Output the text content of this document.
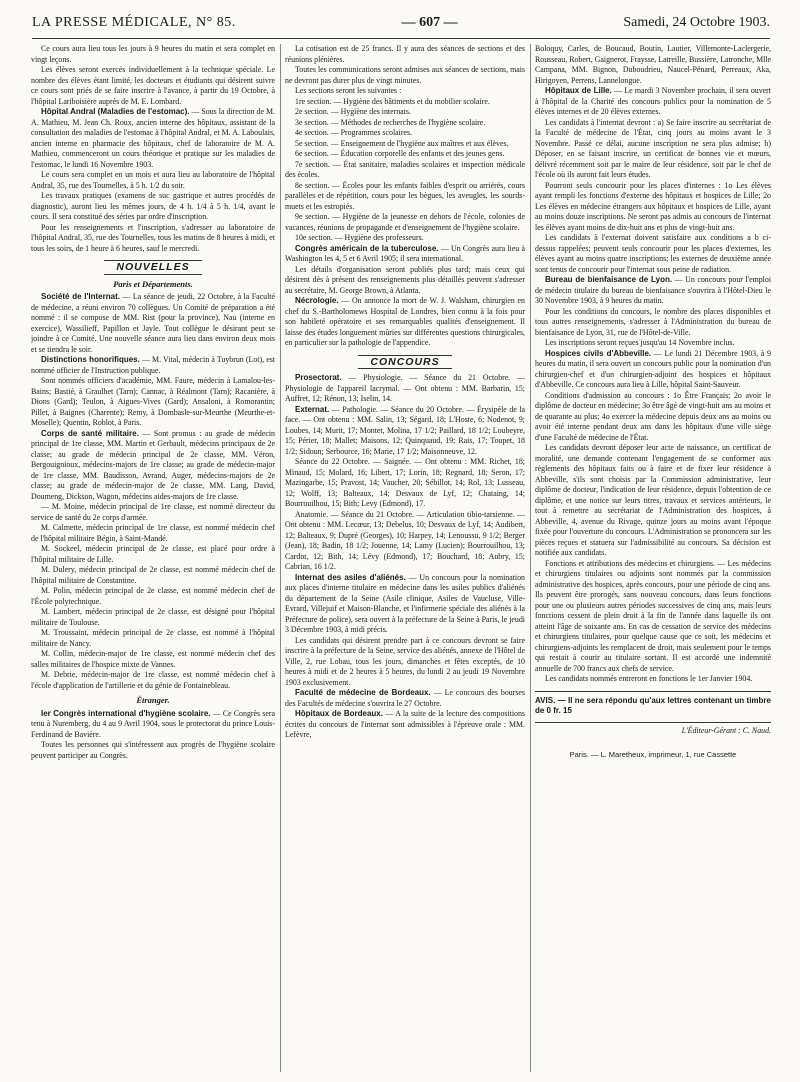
LA PRESSE MÉDICALE, N° 85.	— 607 —	Samedi, 24 Octobre 1903.

Ce cours aura lieu tous les jours à 9 heures du matin et sera complet en vingt leçons.

Les élèves seront exercés individuellement à la technique spéciale. Le nombre des élèves étant limité, les docteurs et étudiants qui désirent suivre ce cours sont priés de se faire inscrire à l'avance, à partir du 19 Octobre, à l'hôpital Lariboisière auprès de M. E. Lombard.

Hôpital Andral (Maladies de l'estomac). — Sous la direction de M. A. Mathieu, M. Jean Ch. Roux, ancien interne des hôpitaux, assistant de la consultation des maladies de l'estomac à l'hôpital Andral, et M. A. Laboulais, ancien interne en pharmacie des hôpitaux, chef de laboratoire de M. A. Mathieu, commenceront un cours théorique et pratique sur les maladies de l'estomac, le lundi 16 Novembre 1903.

Le cours sera complet en un mois et aura lieu au laboratoire de l'hôpital Andral, 35, rue des Tournelles, à 5 h. 1/2 du soir.

Les travaux pratiques (examens de suc gastrique et autres procédés de diagnostic), auront lieu les mêmes jours, de 4 h. 1/4 à 5 h. 1/4, avant le cours. Il sera constitué des séries par ordre d'inscription.

Pour les renseignements et l'inscription, s'adresser au laboratoire de l'hôpital Andral, 35, rue des Tournelles, tous les matins de 8 heures à midi, et tous les soirs, de 1 heure à 6 heures, sauf le mercredi.

NOUVELLES
Paris et Départements.

Société de l'Internat. — La séance de jeudi, 22 Octobre, à la Faculté de médecine, a réuni environ 70 collègues. Un Comité de préparation a été nommé : il se compose de MM. Rist (pour la province), Nau (interne en exercice), Wassilieff, Papillon et Jayle. Tout collègue le désirant peut se joindre à ce Comité. Une nouvelle séance aura lieu dans environ deux mois et se tiendra le soir.

Distinctions honorifiques. — M. Vital, médecin à Tuybrun (Lot), est nommé officier de l'Instruction publique.

Sont nommés officiers d'académie, MM. Faure, médecin à Lamalou-les-Bains; Bastié, à Graulhet (Tarn); Cannac, à Réalmont (Tarn); Racanière, à Dions (Gard); Teulon, à Aigues-Vives (Gard); Ansaloni, à Romorantin; Pillet, à Baignes (Charente); Remy, à Dombasle-sur-Meurthe (Meurthe-et-Moselle); Quentin, Roblot, à Paris.

Corps de santé militaire. — Sont promus : au grade de médecin principal de 1re classe, MM. Martin et Gerbault, médecins principaux de 2e classe; au grade de médecin principal de 2e classe, MM. Véron, Bergouignioux, médecins-majors de 1re classe; au grade de médecin-major de 1re classe, MM. Baudisson, Avrand, Auger, médecins-majors de 2e classe; au grade de médecin-major de 2e classe, MM. Lang, David, Doumeng, Dickson, Wagon, médecins aides-majors de 1re classe.

— M. Moine, médecin principal de 1re classe, est nommé directeur du service de santé du 2e corps d'armée.

M. Calmette, médecin principal de 1re classe, est nommé médecin chef de l'hôpital militaire Bégin, à Saint-Mandé.

M. Sockeel, médecin principal de 2e classe, est placé pour ordre à l'hôpital militaire de Lille.

M. Dulery, médecin principal de 2e classe, est nommé médecin chef de l'hôpital militaire de Constantine.

M. Polin, médecin principal de 2e classe, est nommé médecin chef de l'École polytechnique.

M. Lambert, médecin principal de 2e classe, est désigné pour l'hôpital militaire de Toulouse.

M. Troussaint, médecin principal de 2e classe, est nommé à l'hôpital militaire de Nancy.

M. Collin, médecin-major de 1re classe, est nommé médecin chef des salles militaires de l'hospice mixte de Vannes.

M. Debrie, médecin-major de 1re classe, est nommé médecin chef à l'école d'application de l'artillerie et du génie de Fontainebleau.

Étranger.

Ier Congrès international d'hygiène scolaire. — Ce Congrès sera tenu à Nuremberg, du 4 au 9 Avril 1904, sous le protectorat du prince Louis-Ferdinand de Bavière.

Toutes les personnes qui s'intéressent aux progrès de l'hygiène scolaire peuvent participer au Congrès.

La cotisation est de 25 francs. Il y aura des séances de sections et des réunions plénières.

Toutes les communications seront admises aux séances de sections, mais ne devront pas durer plus de vingt minutes.

Les sections seront les suivantes :

1re section. — Hygiène des bâtiments et du mobilier scolaire.

2e section. — Hygiène des internats.

3e section. — Méthodes de recherches de l'hygiène scolaire.

4e section. — Programmes scolaires.

5e section. — Enseignement de l'hygiène aux maîtres et aux élèves.

6e section. — Éducation corporelle des enfants et des jeunes gens.

7e section. — État sanitaire, maladies scolaires et inspection médicale des écoles.

8e section. — Écoles pour les enfants faibles d'esprit ou arriérés, cours parallèles et de répétition, cours pour les bègues, les aveugles, les sourds-muets et les estropiés.

9e section. — Hygiène de la jeunesse en dehors de l'école, colonies de vacances, réunions de propagande et d'enseignement de l'hygiène scolaire.

10e section. — Hygiène des professeurs.

Congrès américain de la tuberculose. — Un Congrès aura lieu à Washington les 4, 5 et 6 Avril 1905; il sera international.

Les détails d'organisation seront publiés plus tard; mais ceux qui désirent dès à présent des renseignements plus détaillés peuvent s'adresser au secrétaire, M. George Brown, à Atlanta.

Nécrologie. — On annonce la mort de W. J. Walsham, chirurgien en chef du S.-Bartholomews Hospital de Londres, bien connu à la fois pour son habileté opératoire et ses remarquables qualités d'enseignement. Il laisse des études longuement mûries sur différentes questions chirurgicales, en particulier sur la pathologie de l'appendice.

CONCOURS

Prosectorat. — Physiologie. — Séance du 21 Octobre. — Physiologie de l'appareil lacrymal. — Ont obtenu : MM. Barbarin, 15; Auffret, 12; Rénon, 13; Iselin, 14.

Externat. — Pathologie. — Séance du 20 Octobre. — Érysipèle de la face. — Ont obtenu : MM. Salin, 13; Ségard, 18; L'Hoste, 6; Nodenot, 9; Loubes, 14; Murit, 17; Montet, Molina, 17 1/2; Paillard, 18 1/2; Loubeyre, 15; Périer, 18; Mallet; Maisons, 12; Quinquaud, 19; Rais, 17; Toupet, 18 1/2; Sidoun; Serbource, 16; Marie, 17 1/2; Maisonneuve, 12.

Séance du 22 Octobre. — Saignée. — Ont obtenu : MM. Richet, 18; Minaud, 15; Molard, 16; Libert, 17; Lorin, 18; Regnard, 18; Seron, 17; Mazingarbe, 15; Pravost, 14; Vaucher, 20; Sébillot, 14; Rol, 13; Lusseau, 12; Wolff, 13; Balteaux, 14; Desvaux de Lyf, 12; Chataing, 14; Bourrouilhou, 15; Bith; Levy (Edmond), 17.

Anatomie. — Séance du 21 Octobre. — Articulation tibio-tarsienne. — Ont obtenu : MM. Lecœur, 13; Debelus, 10; Desvaux de Lyf, 14; Audibert, 12; Balteaux, 9; Dupré (Georges), 10; Harpey, 14; Lenoussu, 9 1/2; Berger (Jean), 18; Badin, 18 1/2; Jouenne, 14; Lamy (Lucien); Bourrouilhou, 13; Cardot, 12; Bith, 14; Lévy (Edmond), 17; Bouchard, 18; Aubry, 15; Cabrian, 16 1/2.

Internat des asiles d'aliénés. — Un concours pour la nomination aux places d'interne titulaire en médecine dans les asiles publics d'aliénés du département de la Seine (Asile clinique, Asiles de Vaucluse, Ville-Evrard, Villejuif et Maison-Blanche, et l'infirmerie spéciale des aliénés à la Préfecture de police), sera ouvert à la préfecture de la Seine à Paris, le jeudi 3 Décembre 1903, à midi précis.

Les candidats qui désirent prendre part à ce concours devront se faire inscrire à la préfecture de la Seine, service des aliénés, annexe de l'Hôtel de Ville, 2, rue Lobau, tous les jours, dimanches et fêtes exceptés, de 10 heures à midi et de 2 heures à 5 heures, du lundi 2 au jeudi 19 Novembre 1903 exclusivement.

Faculté de médecine de Bordeaux. — Le concours des bourses des Facultés de médecine s'ouvrira le 27 Octobre.

Hôpitaux de Bordeaux. — A la suite de la lecture des compositions écrites du concours de l'internat sont admissibles à l'épreuve orale : MM. Lefèvre,

Boloquy, Carles, de Boucaud, Boutin, Lautier, Villemonte-Laclergerie, Rousseau, Robert, Gaignerot, Fraysse, Latreille, Bussière, Latronche, Mlle Campana, MM. Bignon, Duboudrieu, Naucel-Pénard, Perreaux, Aka, Hirigoyen, Perrens, Lannelongue.

Hôpitaux de Lille. — Le mardi 3 Novembre prochain, il sera ouvert à l'hôpital de la Charité des concours publics pour la nomination de 5 élèves internes et de 20 élèves externes.

Les candidats à l'internat devront : a) Se faire inscrire au secrétariat de la Faculté de médecine de l'État, cinq jours au moins avant le 3 Novembre. Passé ce délai, aucune inscription ne sera plus admise; b) Déposer, en se faisant inscrire, un certificat de bonnes vie et mœurs, délivré récemment soit par le maire de leur résidence, soit par le chef de l'école où ils auront fait leurs études.

Pourront seuls concourir pour les places d'internes : 1o Les élèves ayant rempli les fonctions d'externe des hôpitaux et hospices de Lille; 2o Les élèves en médecine étrangers aux hôpitaux et hospices de Lille, ayant au moins douze inscriptions. Ne seront pas admis au concours de l'internat les élèves ayant moins de dix-huit ans et plus de vingt-huit ans.

Les candidats à l'externat doivent satisfaire aux conditions a b ci-dessus rappelées; peuvent seuls concourir pour les places d'externes, les élèves ayant au moins quatre inscriptions; les externes de deuxième année sont tenus de concourir pour l'internat sous peine de radiation.

Bureau de bienfaisance de Lyon. — Un concours pour l'emploi de médecin titulaire du bureau de bienfaisance s'ouvrira à l'Hôtel-Dieu le 30 Novembre 1903, à 9 heures du matin.

Pour les conditions du concours, le nombre des places disponibles et tous autres renseignements, s'adresser à l'Administration du bureau de bienfaisance de Lyon, 31, rue de l'Hôtel-de-Ville.

Les inscriptions seront reçues jusqu'au 14 Novembre inclus.

Hospices civils d'Abbeville. — Le lundi 21 Décembre 1903, à 9 heures du matin, il sera ouvert un concours public pour la nomination d'un chirurgien-chef et d'un chirurgien-adjoint des hospices et hôpitaux d'Abbeville. Ce concours aura lieu à Lille, hôpital Saint-Sauveur.

Conditions d'admission au concours : 1o Être Français; 2o avoir le diplôme de docteur en médecine; 3o être âgé de vingt-huit ans au moins et de quarante au plus; 4o exercer la médecine depuis deux ans au moins ou avoir été interne pendant deux ans dans les hôpitaux d'une ville siège d'une Faculté de médecine de l'État.

Les candidats devront déposer leur acte de naissance, un certificat de moralité, une demande contenant l'engagement de se conformer aux règlements des hôpitaux faits ou à faire et de fixer leur résidence à Abbeville, s'ils sont choisis par la Commission administrative, leur diplôme de docteur, l'indication de leur résidence, depuis l'obtention de ce diplôme, et une notice sur leurs titres, travaux et services antérieurs, le tout à remettre au secrétariat de l'Administration des hospices, à Abbeville, 4, avenue du Rivage, quinze jours au moins avant l'époque fixée pour l'ouverture du concours. L'Administration se prononcera sur les pièces reçues et statuera sur l'admissibilité au concours. Sa décision est notifiée aux candidats.

Fonctions et attributions des médecins et chirurgiens. — Les médecins et chirurgiens titulaires ou adjoints sont nommés par la commission administrative des hospices, après concours, pour une période de cinq ans. Ils peuvent être prorogés, sans nouveau concours, dans leurs fonctions pour une ou plusieurs autres périodes successives de cinq ans, mais leurs fonctions cessent de plein droit à la fin de l'année dans laquelle ils ont atteint l'âge de soixante ans. En cas de cessation de service des médecins et chirurgiens titulaires, pour quelque cause que ce soit, les médecins et chirurgiens-adjoints les remplacent de droit, mais seulement pour le temps qui restait à courir au titulaire sortant. Il est accordé une indemnité annuelle de 700 francs aux chefs de service.

Les candidats nommés entreront en fonctions le 1er Janvier 1904.

AVIS. — Il ne sera répondu qu'aux lettres contenant un timbre de 0 fr. 15
L'Éditeur-Gérant : C. Naud.
Paris. — L. Maretheux, imprimeur, 1, rue Cassette
